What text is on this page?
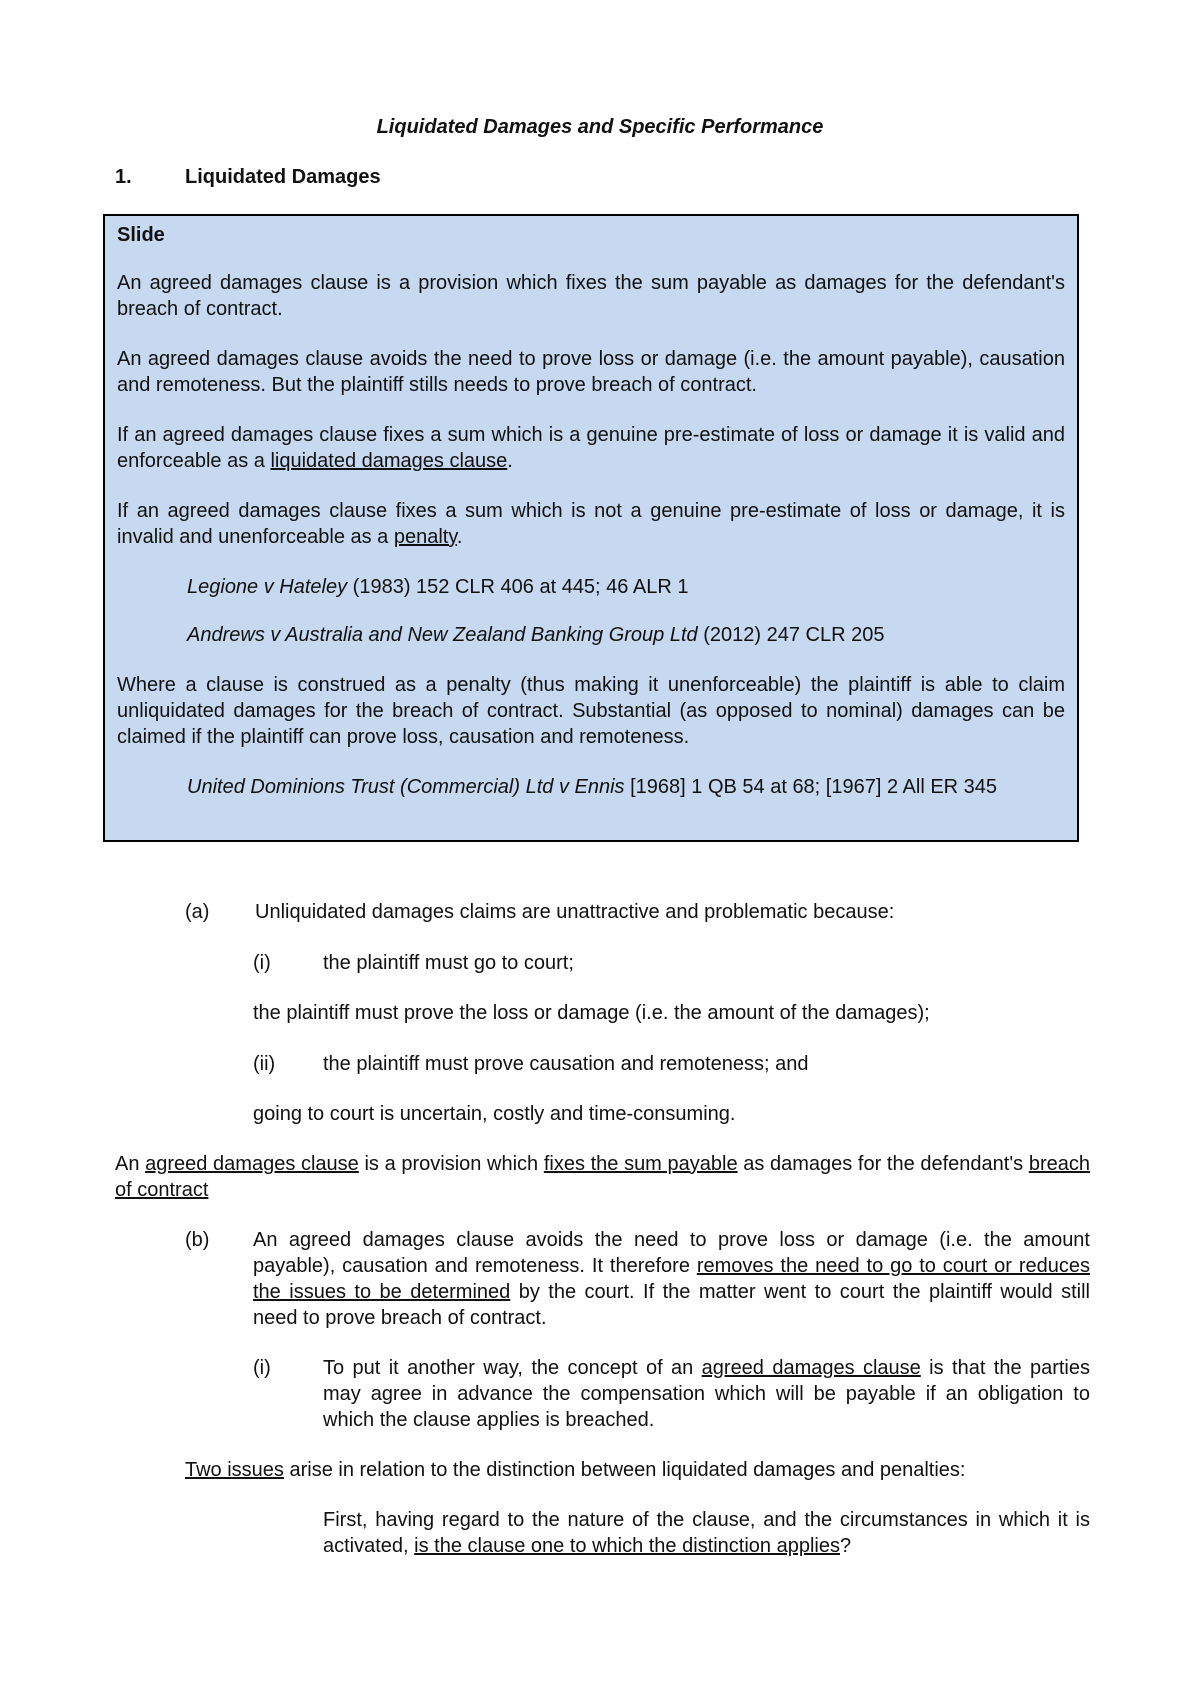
Liquidated Damages and Specific Performance
1.	Liquidated Damages

Slide

An agreed damages clause is a provision which fixes the sum payable as damages for the defendant's breach of contract.

An agreed damages clause avoids the need to prove loss or damage (i.e. the amount payable), causation and remoteness. But the plaintiff stills needs to prove breach of contract.

If an agreed damages clause fixes a sum which is a genuine pre-estimate of loss or damage it is valid and enforceable as a liquidated damages clause.

If an agreed damages clause fixes a sum which is not a genuine pre-estimate of loss or damage, it is invalid and unenforceable as a penalty.

Legione v Hateley (1983) 152 CLR 406 at 445; 46 ALR 1

Andrews v Australia and New Zealand Banking Group Ltd (2012) 247 CLR 205

Where a clause is construed as a penalty (thus making it unenforceable) the plaintiff is able to claim unliquidated damages for the breach of contract. Substantial (as opposed to nominal) damages can be claimed if the plaintiff can prove loss, causation and remoteness.

United Dominions Trust (Commercial) Ltd v Ennis [1968] 1 QB 54 at 68; [1967] 2 All ER 345

(a)	Unliquidated damages claims are unattractive and problematic because:
(i)	the plaintiff must go to court;
the plaintiff must prove the loss or damage (i.e. the amount of the damages);
(ii)	the plaintiff must prove causation and remoteness; and
going to court is uncertain, costly and time-consuming.

An agreed damages clause is a provision which fixes the sum payable as damages for the defendant's breach of contract

(b)	An agreed damages clause avoids the need to prove loss or damage (i.e. the amount payable), causation and remoteness. It therefore removes the need to go to court or reduces the issues to be determined by the court. If the matter went to court the plaintiff would still need to prove breach of contract.

(i)	To put it another way, the concept of an agreed damages clause is that the parties may agree in advance the compensation which will be payable if an obligation to which the clause applies is breached.

Two issues arise in relation to the distinction between liquidated damages and penalties:

First, having regard to the nature of the clause, and the circumstances in which it is activated, is the clause one to which the distinction applies?
